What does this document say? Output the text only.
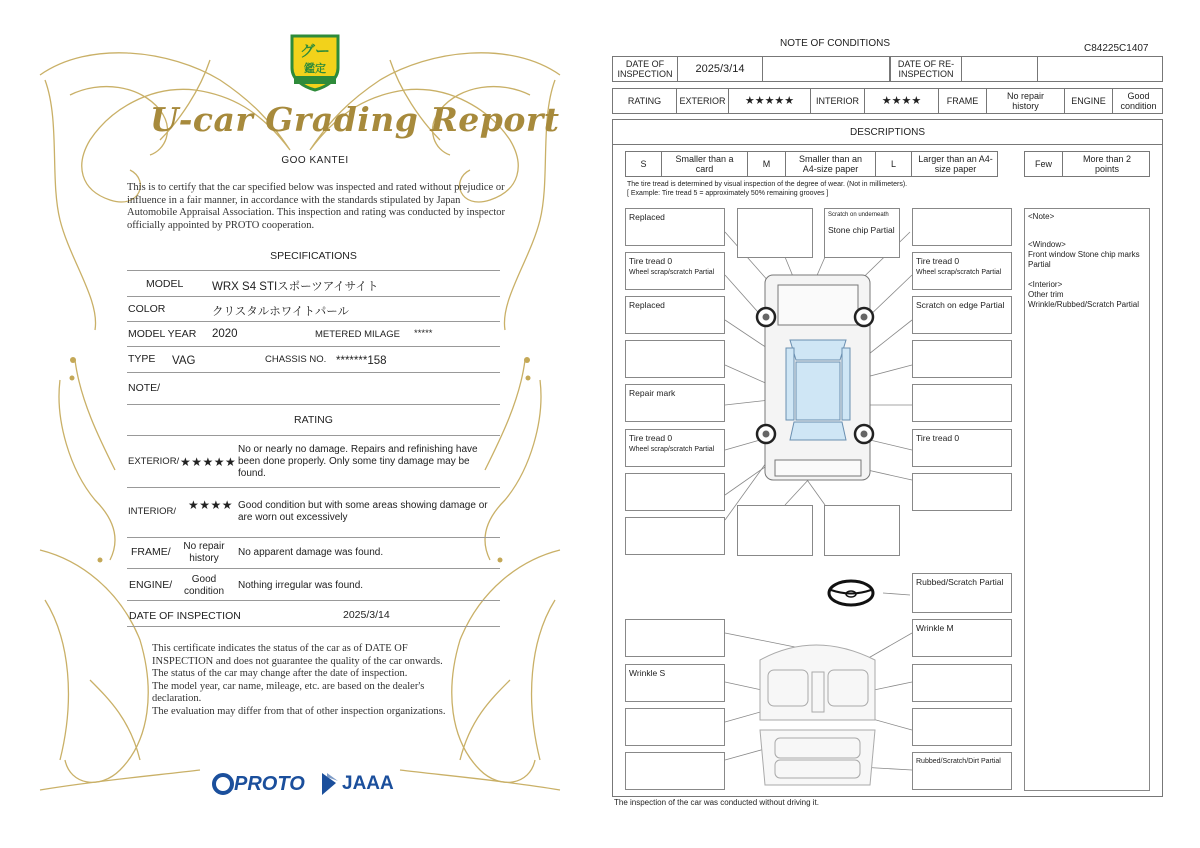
グー
鑑定
U-car Grading Report
GOO KANTEI
This is to certify that the car specified below was inspected and rated without prejudice or influence in a fair manner, in accordance with the standards stipulated by Japan Automobile Appraisal Association. This inspection and rating was conducted by inspector officially appointed by PROTO cooperation.
SPECIFICATIONS
MODEL WRX S4 STIスポーツアイサイト
COLOR	クリスタルホワイトパール
MODEL YEAR 2020	METERED MILAGE *****
TYPE VAG	CHASSIS NO. *******158
NOTE/
RATING
EXTERIOR/ ★★★★★
No or nearly no damage. Repairs and refinishing have been done properly. Only some tiny damage may be found.
INTERIOR/ ★★★★ Good condition but with some areas showing damage or are worn out excessively
FRAME/	No repair history
No apparent damage was found.
ENGINE/	Good condition
Nothing irregular was found.
DATE OF INSPECTION	2025/3/14
This certificate indicates the status of the car as of DATE OF
INSPECTION and does not guarantee the quality of the car onwards.
The status of the car may change after the date of inspection.
The model year, car name, mileage, etc. are based on the dealer's
declaration.
The evaluation may differ from that of other inspection organizations.
PROTO JAAA
NOTE OF CONDITIONS	C84225C1407
DATE OF INSPECTION	2025/3/14	DATE OF RE-INSPECTION
RATING	EXTERIOR	★★★★★	INTERIOR	★★★★	FRAME	No repair history	ENGINE	Good condition
DESCRIPTIONS
S	Smaller than a card	M	Smaller than an A4-size paper	L	Larger than an A4-size paper	Few	More than 2 points
The tire tread is determined by visual inspection of the degree of wear. (Not in millimeters).
[ Example: Tire tread 5 = approximately 50% remaining grooves ]
Replaced
Tire tread 0
Wheel scrap/scratch Partial
Replaced
Repair mark
Tire tread 0
Wheel scrap/scratch Partial
Scratch on underneath
Stone chip Partial
Tire tread 0
Wheel scrap/scratch Partial
Scratch on edge Partial
Tire tread 0
Rubbed/Scratch Partial
Wrinkle M
Wrinkle S
Rubbed/Scratch/Dirt Partial
<Note>
<Window>
Front window Stone chip marks Partial
<Interior>
Other trim Wrinkle/Rubbed/Scratch Partial
The inspection of the car was conducted without driving it.
